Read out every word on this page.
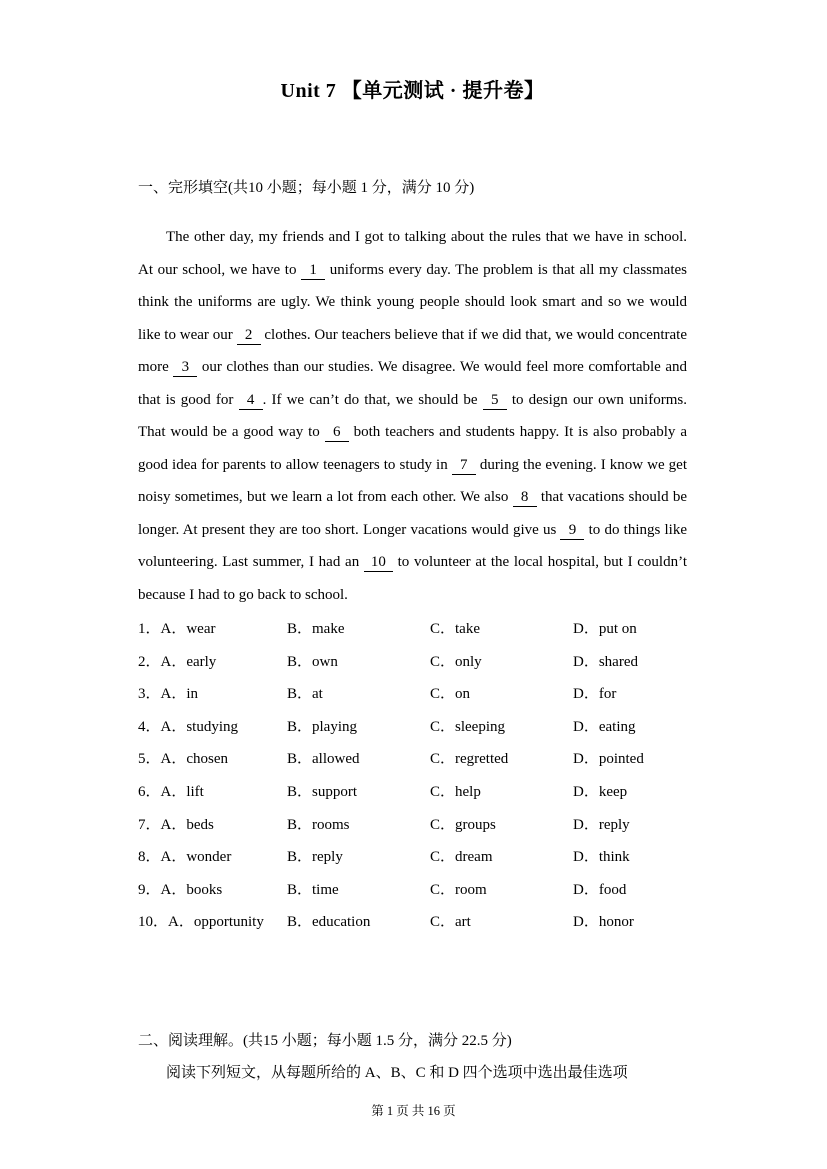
Unit 7 【单元测试 · 提升卷】
一、完形填空(共10 小题；每小题 1 分，满分 10 分)

The other day, my friends and I got to talking about the rules that we have in school. At our school, we have to 1 uniforms every day. The problem is that all my classmates think the uniforms are ugly. We think young people should look smart and so we would like to wear our 2 clothes. Our teachers believe that if we did that, we would concentrate more 3 our clothes than our studies. We disagree. We would feel more comfortable and that is good for 4 . If we can’t do that, we should be 5 to design our own uniforms. That would be a good way to 6 both teachers and students happy. It is also probably a good idea for parents to allow teenagers to study in 7 during the evening. I know we get noisy sometimes, but we learn a lot from each other. We also 8 that vacations should be longer. At present they are too short. Longer vacations would give us 9 to do things like volunteering. Last summer, I had an 10 to volunteer at the local hospital, but I couldn’t because I had to go back to school.

1．A．wear	B．make	C．take	D．put on
2．A．early	B．own	C．only	D．shared
3．A．in	B．at	C．on	D．for
4．A．studying	B．playing	C．sleeping	D．eating
5．A．chosen	B．allowed	C．regretted	D．pointed
6．A．lift	B．support	C．help	D．keep
7．A．beds	B．rooms	C．groups	D．reply
8．A．wonder	B．reply	C．dream	D．think
9．A．books	B．time	C．room	D．food
10．A．opportunity	B．education	C．art	D．honor
二、阅读理解。(共15 小题；每小题 1.5 分，满分 22.5 分)
阅读下列短文，从每题所给的 A、B、C 和 D 四个选项中选出最佳选项
第 1 页 共 16 页
